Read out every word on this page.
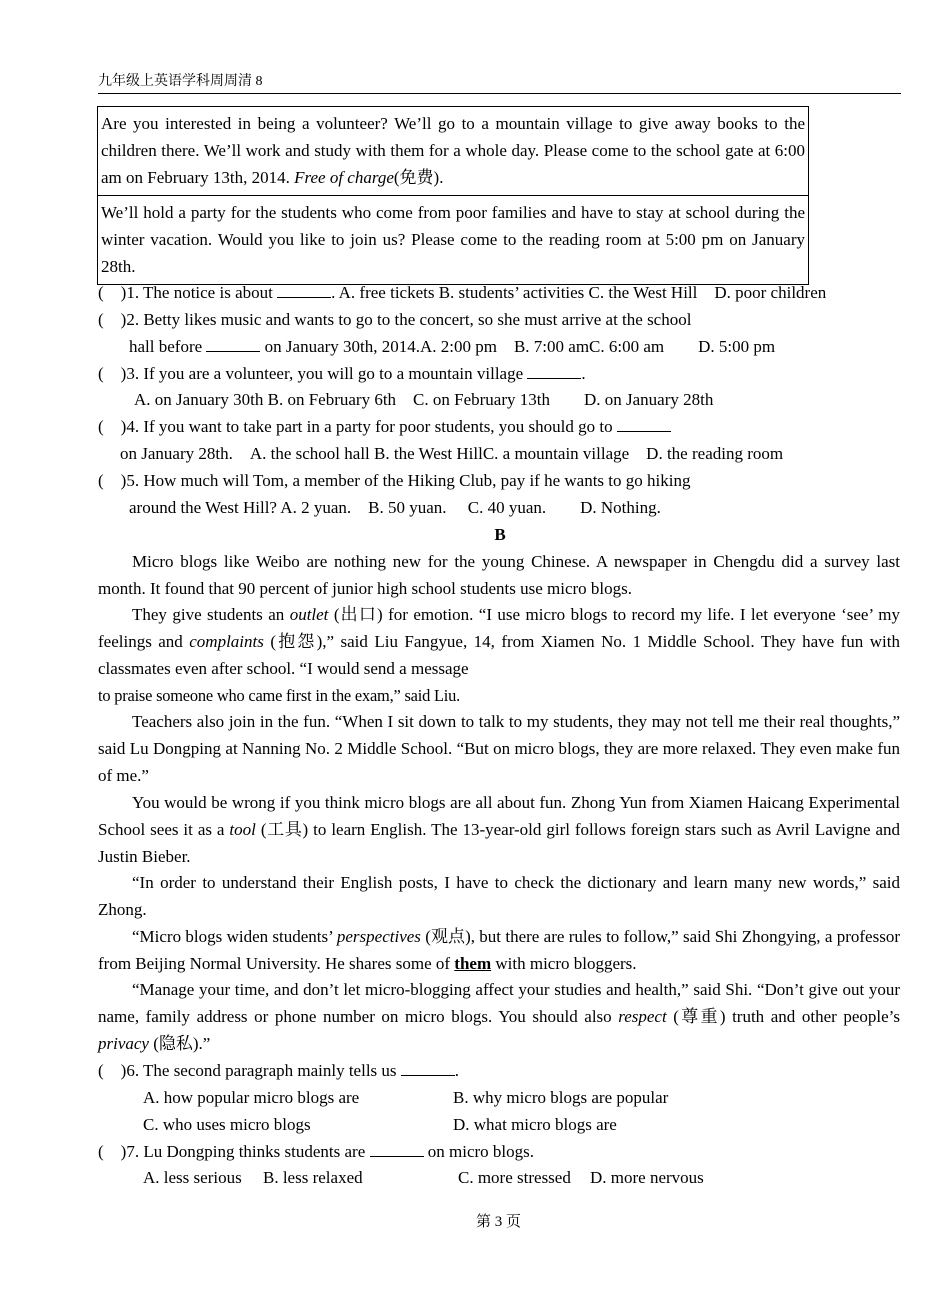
九年级上英语学科周周清 8
Are you interested in being a volunteer? We’ll go to a mountain village to give away books to the children there. We’ll work and study with them for a whole day. Please come to the school gate at 6:00 am on February 13th, 2014. Free of charge(免费).
We’ll hold a party for the students who come from poor families and have to stay at school during the winter vacation. Would you like to join us? Please come to the reading room at 5:00 pm on January 28th.
(　)1. The notice is about	. A. free tickets B. students’ activities C. the West Hill　D. poor children
(　)2. Betty likes music and wants to go to the concert, so she must arrive at the school
hall before	on January 30th, 2014.A. 2:00 pm　B. 7:00 amC. 6:00 am　　D. 5:00 pm
(　)3. If you are a volunteer, you will go to a mountain village	.
A. on January 30th B. on February 6th　C. on February 13th　　D. on January 28th
(　)4. If you want to take part in a party for poor students, you should go to
on January 28th.　A. the school hall B. the West HillC. a mountain village　D. the reading room
(　)5. How much will Tom, a member of the Hiking Club, pay if he wants to go hiking
around the West Hill? A. 2 yuan.　B. 50 yuan.　 C. 40 yuan.　　D. Nothing.
B
Micro blogs like Weibo are nothing new for the young Chinese. A newspaper in Chengdu did a survey last month. It found that 90 percent of junior high school students use micro blogs.
They give students an outlet (出口) for emotion. “I use micro blogs to record my life. I let everyone ‘see’ my feelings and complaints (抱怨),” said Liu Fangyue, 14, from Xiamen No. 1 Middle School. They have fun with classmates even after school. “I would send a message
to praise someone who came first in the exam,” said Liu.
Teachers also join in the fun. “When I sit down to talk to my students, they may not tell me their real thoughts,” said Lu Dongping at Nanning No. 2 Middle School. “But on micro blogs, they are more relaxed. They even make fun of me.”
You would be wrong if you think micro blogs are all about fun. Zhong Yun from Xiamen Haicang Experimental School sees it as a tool (工具) to learn English. The 13-year-old girl follows foreign stars such as Avril Lavigne and Justin Bieber.
“In order to understand their English posts, I have to check the dictionary and learn many new words,” said Zhong.
“Micro blogs widen students’ perspectives (观点), but there are rules to follow,” said Shi Zhongying, a professor from Beijing Normal University. He shares some of them with micro bloggers.
“Manage your time, and don’t let micro-blogging affect your studies and health,” said Shi. “Don’t give out your name, family address or phone number on micro blogs. You should also respect (尊重) truth and other people’s privacy (隐私).”
(　)6. The second paragraph mainly tells us	.
A. how popular micro blogs are	B. why micro blogs are popular
C. who uses micro blogs	D. what micro blogs are
(　)7. Lu Dongping thinks students are	on micro blogs.
A. less serious B. less relaxed	C. more stressed D. more nervous
第 3 页
